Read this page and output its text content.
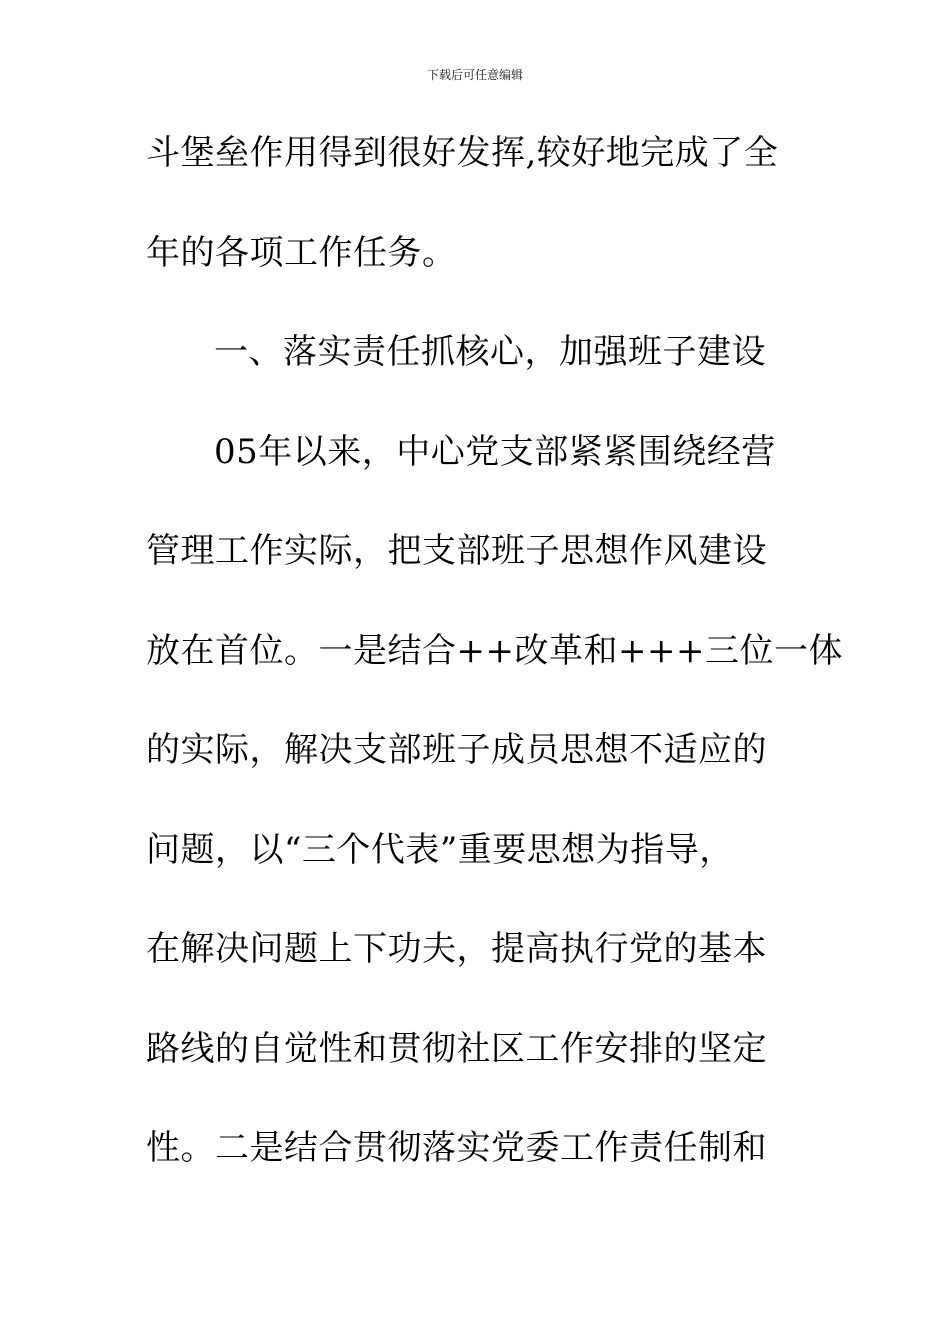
下载后可任意编辑
斗堡垒作用得到很好发挥,较好地完成了全
年的各项工作任务。
一、落实责任抓核心，加强班子建设
05年以来，中心党支部紧紧围绕经营
管理工作实际，把支部班子思想作风建设
放在首位。一是结合++改革和+++三位一体
的实际，解决支部班子成员思想不适应的
问题，以“三个代表”重要思想为指导，
在解决问题上下功夫，提高执行党的基本
路线的自觉性和贯彻社区工作安排的坚定
性。二是结合贯彻落实党委工作责任制和
